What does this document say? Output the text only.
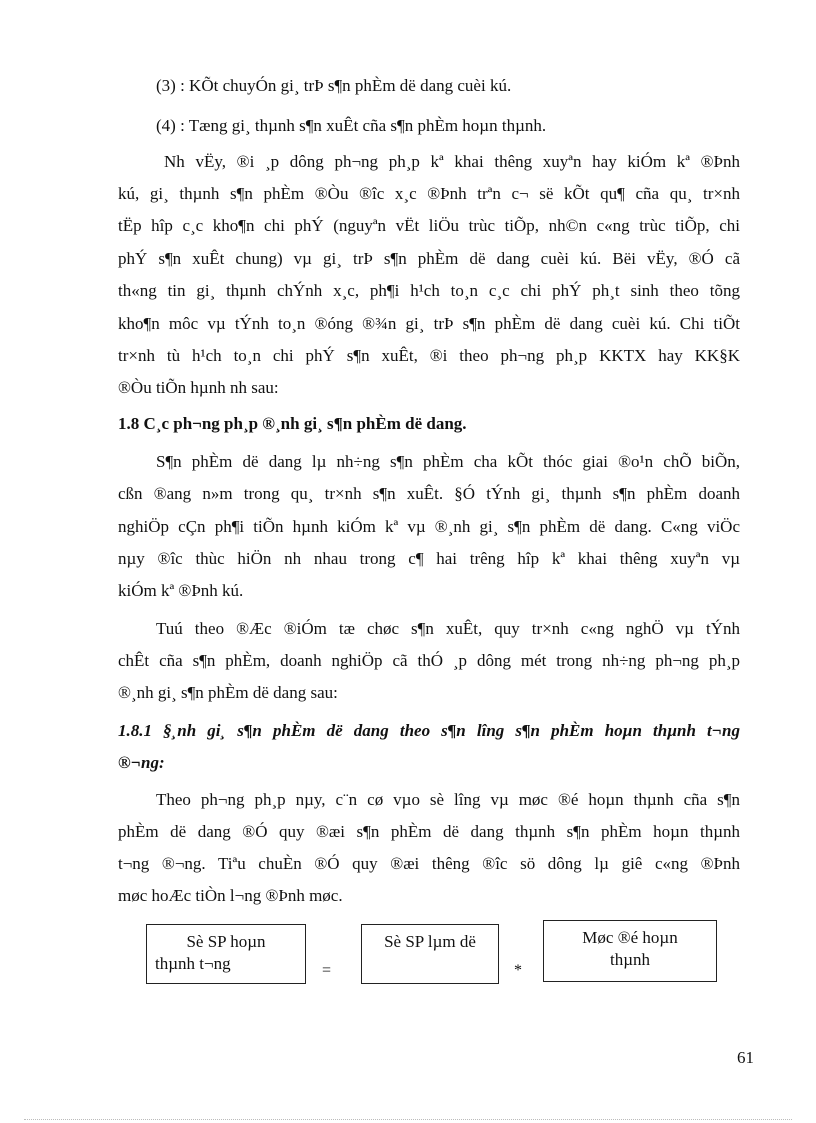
(3) : KÕt chuyÓn gi¸ trÞ s¶n phÈm dë dang cuèi kú.
(4) : Tæng gi¸ thµnh s¶n xuÊt cña s¶n phÈm hoµn thµnh.
Nh vËy, ®i ¸p dông ph¬ng ph¸p kª khai thêng xuyªn hay kiÓm kª ®Þnh
kú, gi¸ thµnh s¶n phÈm ®Òu ®îc x¸c ®Þnh trªn c¬ së kÕt qu¶ cña qu¸ tr×nh
tËp hîp c¸c kho¶n chi phÝ (nguyªn vËt liÖu trùc tiÕp, nh©n c«ng trùc tiÕp, chi
phÝ s¶n xuÊt chung) vµ gi¸ trÞ s¶n phÈm dë dang cuèi kú. Bëi vËy, ®Ó cã
th«ng tin gi¸ thµnh chÝnh x¸c, ph¶i h¹ch to¸n c¸c chi phÝ ph¸t sinh theo tõng
kho¶n môc vµ tÝnh to¸n ®óng ®¾n gi¸ trÞ s¶n phÈm dë dang cuèi kú. Chi tiÕt
tr×nh tù h¹ch to¸n chi phÝ s¶n xuÊt, ®i theo ph¬ng ph¸p KKTX hay KK§K
®Òu tiÕn hµnh nh sau:
1.8 C¸c ph¬ng ph¸p ®¸nh gi¸ s¶n phÈm dë dang.
S¶n phÈm dë dang lµ nh÷ng s¶n phÈm cha kÕt thóc giai ®o¹n chÕ biÕn,
cßn ®ang n»m trong qu¸ tr×nh s¶n xuÊt. §Ó tÝnh gi¸ thµnh s¶n phÈm doanh
nghiÖp cÇn ph¶i tiÕn hµnh kiÓm kª vµ ®¸nh gi¸ s¶n phÈm dë dang. C«ng viÖc
nµy ®îc thùc hiÖn nh nhau trong c¶ hai trêng hîp kª khai thêng xuyªn vµ
kiÓm kª ®Þnh kú.
Tuú theo ®Æc ®iÓm tæ chøc s¶n xuÊt, quy tr×nh c«ng nghÖ vµ tÝnh
chÊt cña s¶n phÈm, doanh nghiÖp cã thÓ ¸p dông mét trong nh÷ng ph¬ng ph¸p
®¸nh gi¸ s¶n phÈm dë dang sau:
1.8.1 §¸nh gi¸ s¶n phÈm dë dang theo s¶n lîng s¶n phÈm hoµn thµnh t¬ng
®¬ng:
Theo ph¬ng ph¸p nµy, c¨n cø vµo sè lîng vµ møc ®é hoµn thµnh cña s¶n
phÈm dë dang ®Ó quy ®æi s¶n phÈm dë dang thµnh s¶n phÈm hoµn thµnh
t¬ng ®¬ng. Tiªu chuÈn ®Ó quy ®æi thêng ®îc sö dông lµ giê c«ng ®Þnh
møc hoÆc tiÒn l¬ng ®Þnh møc.
Sè SP hoµn
thµnh t¬ng	=
Sè SP lµm dë
*
Møc ®é hoµn
thµnh
61
